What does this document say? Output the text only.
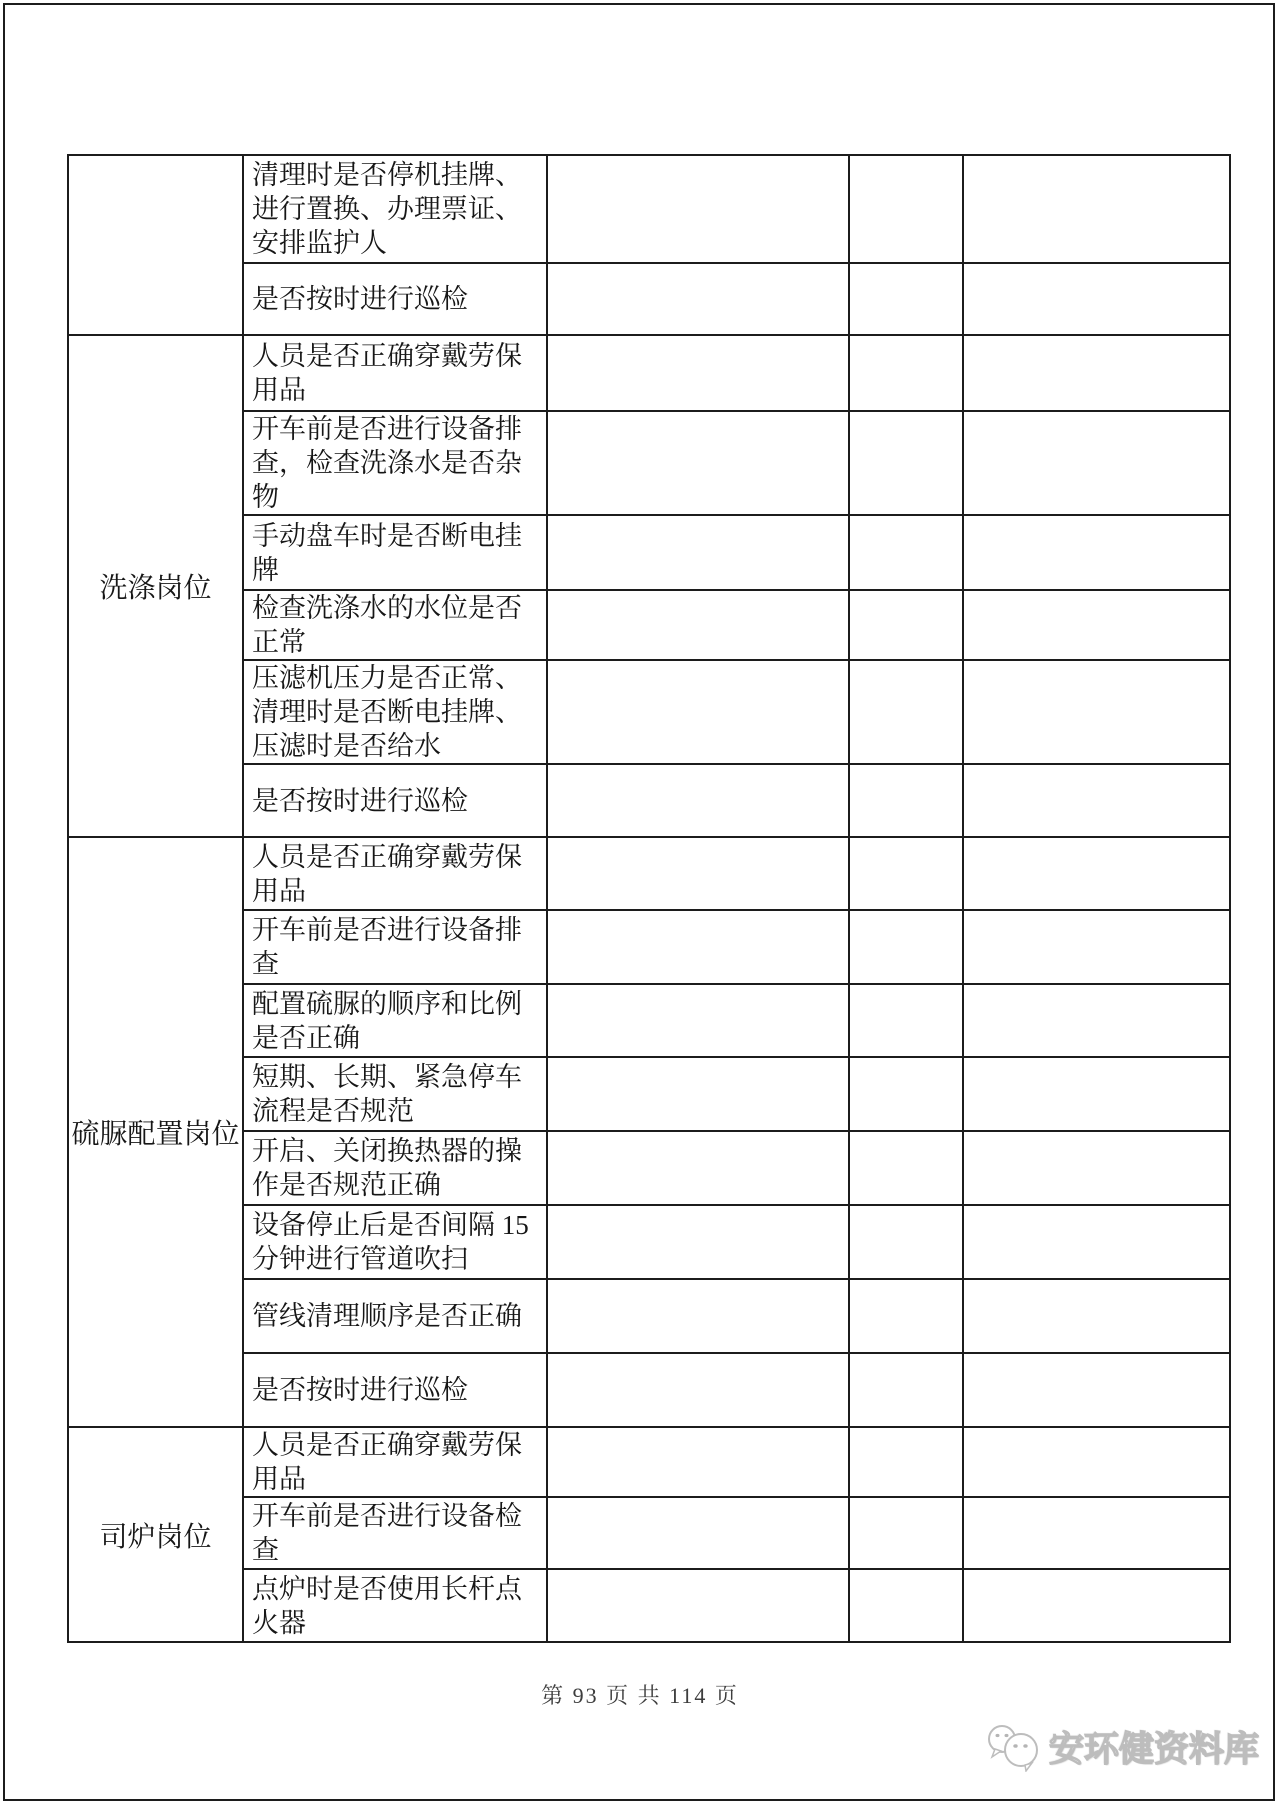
	清理时是否停机挂牌、进行置换、办理票证、安排监护人			
	是否按时进行巡检			
洗涤岗位	人员是否正确穿戴劳保用品			
	开车前是否进行设备排查，检查洗涤水是否杂物			
	手动盘车时是否断电挂牌			
	检查洗涤水的水位是否正常			
	压滤机压力是否正常、清理时是否断电挂牌、压滤时是否给水			
	是否按时进行巡检			
硫脲配置岗位	人员是否正确穿戴劳保用品			
	开车前是否进行设备排查			
	配置硫脲的顺序和比例是否正确			
	短期、长期、紧急停车流程是否规范			
	开启、关闭换热器的操作是否规范正确			
	设备停止后是否间隔 15 分钟进行管道吹扫			
	管线清理顺序是否正确			
	是否按时进行巡检			
司炉岗位	人员是否正确穿戴劳保用品			
	开车前是否进行设备检查			
	点炉时是否使用长杆点火器			
第 93 页 共 114 页
安环健资料库
